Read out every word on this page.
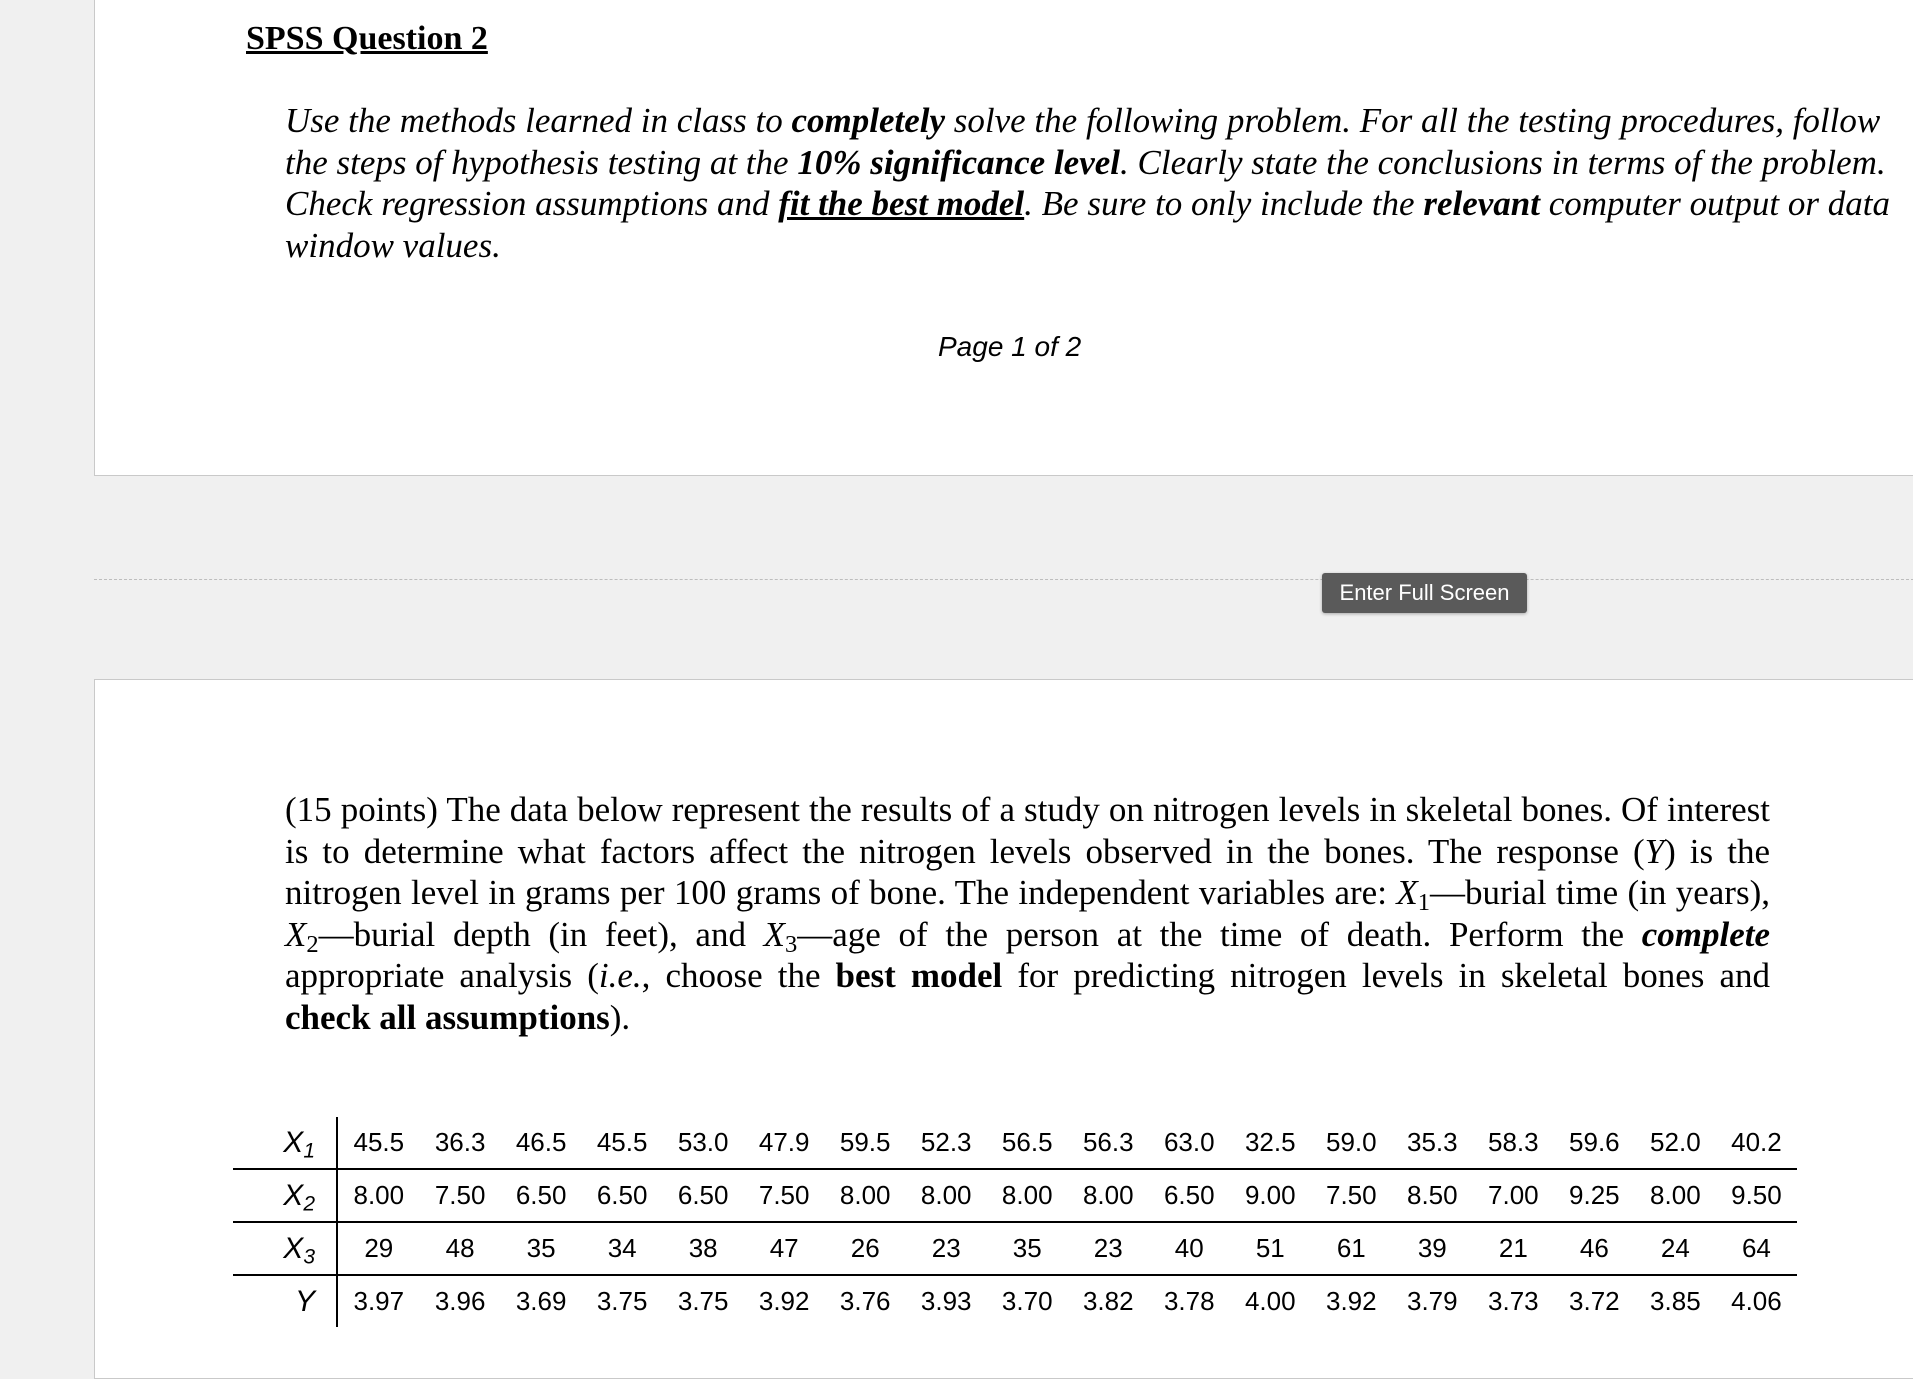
SPSS Question 2

Use the methods learned in class to completely solve the following problem. For all the testing procedures, follow the steps of hypothesis testing at the 10% significance level. Clearly state the conclusions in terms of the problem. Check regression assumptions and fit the best model. Be sure to only include the relevant computer output or data window values.

Page 1 of 2

Enter Full Screen

(15 points) The data below represent the results of a study on nitrogen levels in skeletal bones. Of interest is to determine what factors affect the nitrogen levels observed in the bones. The response (Y) is the nitrogen level in grams per 100 grams of bone. The independent variables are: $X_1—burial$ time (in years), $X_2—burial$ depth (in feet), and $X_3—age$ of the person at the time of death. Perform the complete appropriate analysis (i.e., choose the best model for predicting nitrogen levels in skeletal bones and check all assumptions).

$X_1$	45.5	36.3	46.5	45.5	53.0	47.9	59.5	52.3	56.5	56.3	63.0	32.5	59.0	35.3	58.3	59.6	52.0	40.2
$X_2$	8.00	7.50	6.50	6.50	6.50	7.50	8.00	8.00	8.00	8.00	6.50	9.00	7.50	8.50	7.00	9.25	8.00	9.50
$X_3$	29	48	35	34	38	47	26	23	35	23	40	51	61	39	21	46	24	64
Y	3.97	3.96	3.69	3.75	3.75	3.92	3.76	3.93	3.70	3.82	3.78	4.00	3.92	3.79	3.73	3.72	3.85	4.06
